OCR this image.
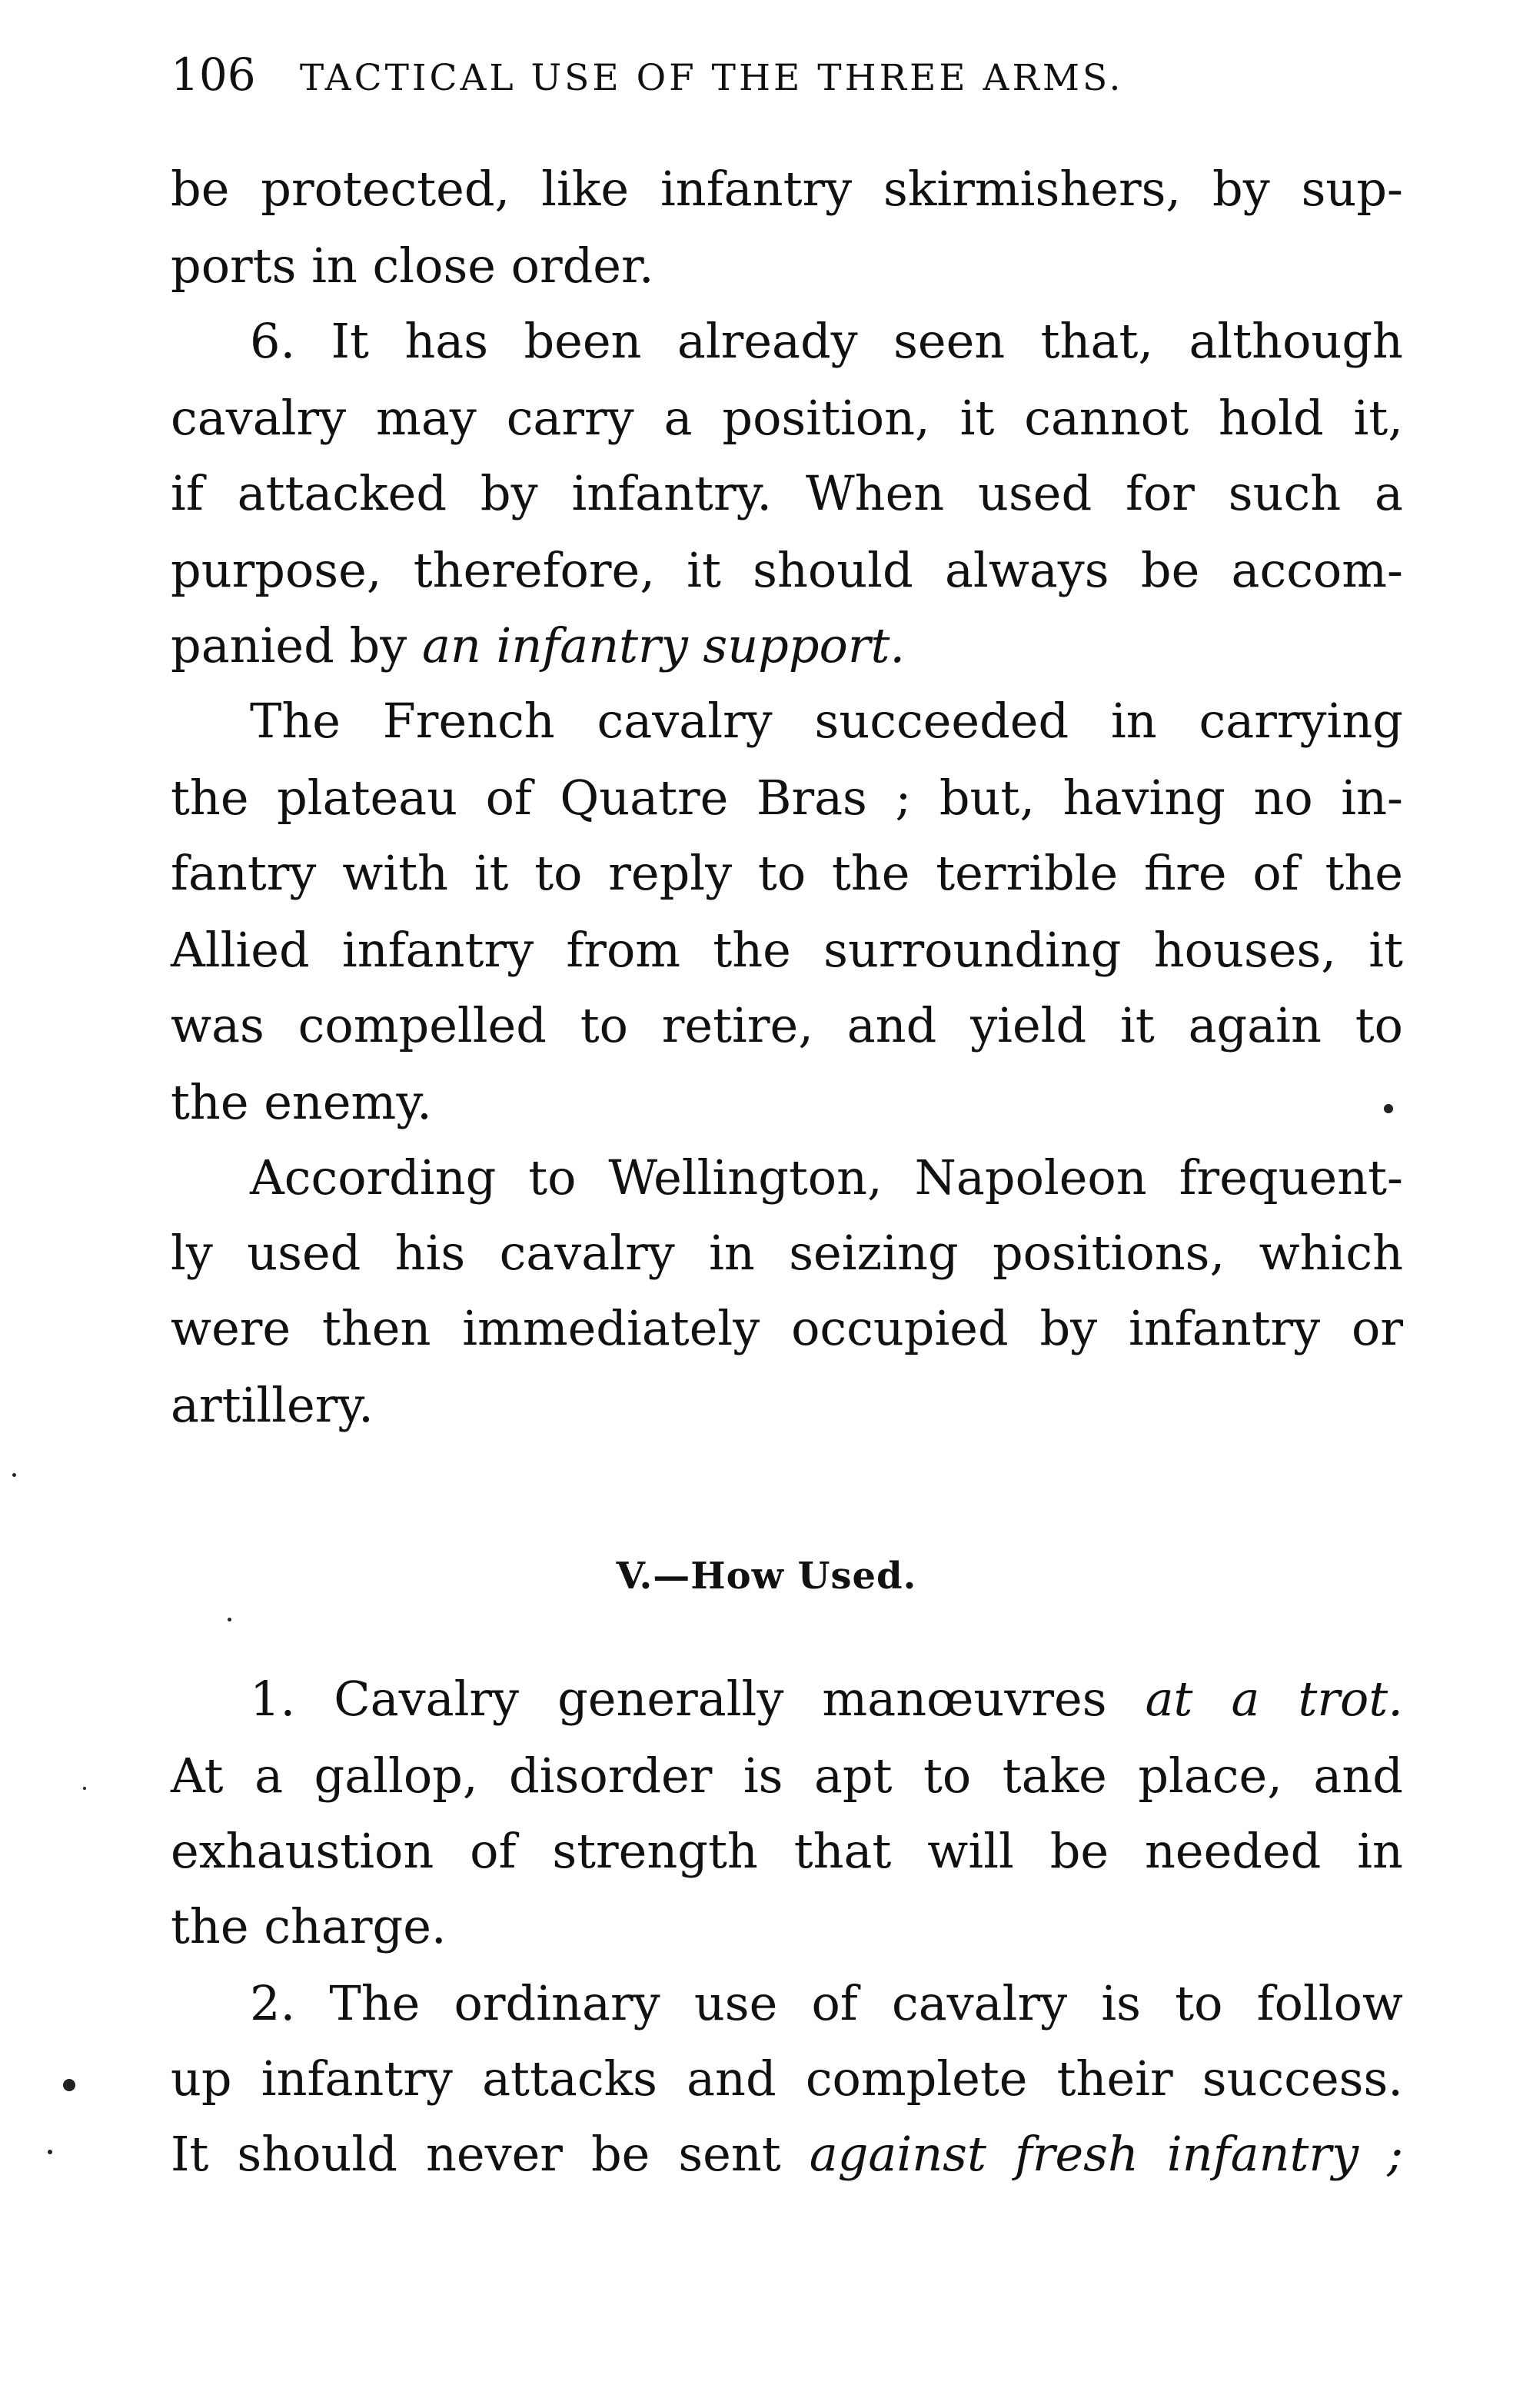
106 TACTICAL USE OF THE THREE ARMS.
be protected, like infantry skirmishers, by sup-
ports in close order.
6. It has been already seen that, although
cavalry may carry a position, it cannot hold it,
if attacked by infantry. When used for such a
purpose, therefore, it should always be accom-
panied by an infantry support.
The French cavalry succeeded in carrying
the plateau of Quatre Bras ; but, having no in-
fantry with it to reply to the terrible fire of the
Allied infantry from the surrounding houses, it
was compelled to retire, and yield it again to
the enemy.
According to Wellington, Napoleon frequent-
ly used his cavalry in seizing positions, which
were then immediately occupied by infantry or
artillery.
V.—How Used.
1. Cavalry generally manœuvres at a trot.
At a gallop, disorder is apt to take place, and
exhaustion of strength that will be needed in
the charge.
2. The ordinary use of cavalry is to follow
up infantry attacks and complete their success.
It should never be sent against fresh infantry ;
